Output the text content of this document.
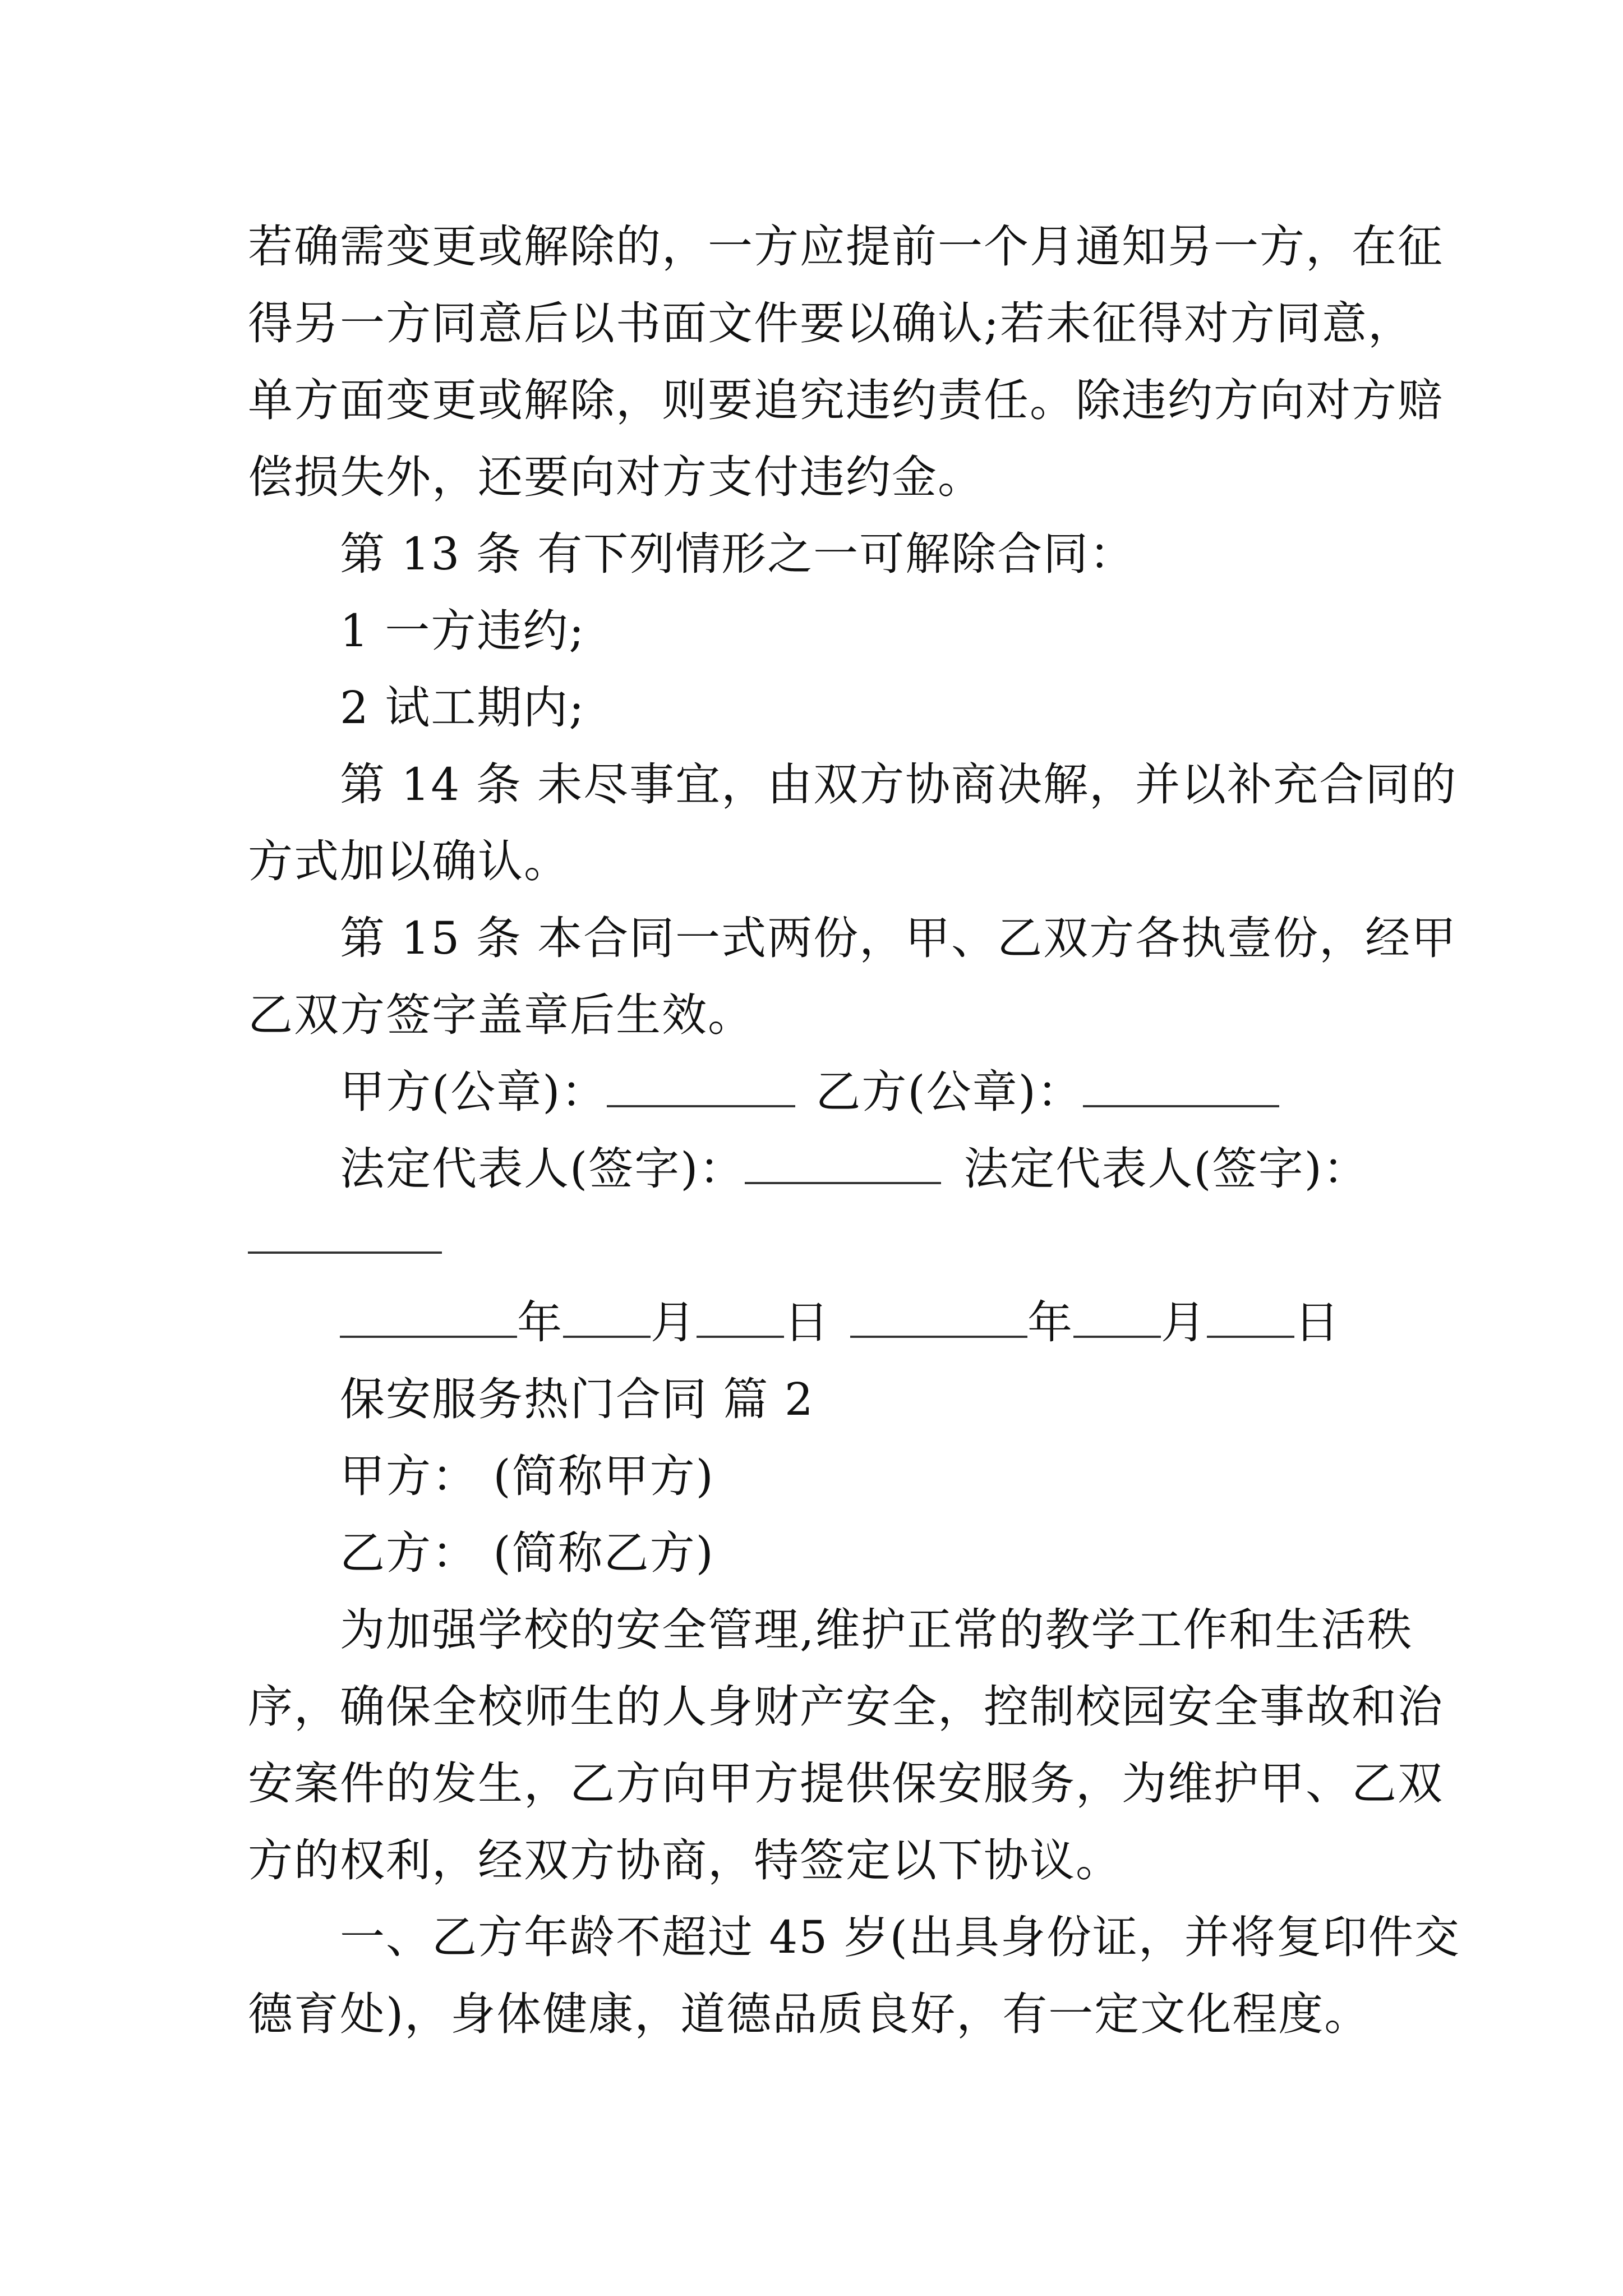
若确需变更或解除的，一方应提前一个月通知另一方，在征
得另一方同意后以书面文件要以确认;若未征得对方同意，
单方面变更或解除，则要追究违约责任。除违约方向对方赔
偿损失外，还要向对方支付违约金。
第 13 条 有下列情形之一可解除合同：
1 一方违约;
2 试工期内;
第 14 条 未尽事宜，由双方协商决解，并以补充合同的
方式加以确认。
第 15 条 本合同一式两份，甲、乙双方各执壹份，经甲
乙双方签字盖章后生效。
甲方(公章)：	乙方(公章)：
法定代表人(签字)：	法定代表人(签字)：
年 月 日	年 月 日
保安服务热门合同 篇 2
甲方： (简称甲方)
乙方： (简称乙方)
为加强学校的安全管理,维护正常的教学工作和生活秩
序，确保全校师生的人身财产安全，控制校园安全事故和治
安案件的发生，乙方向甲方提供保安服务，为维护甲、乙双
方的权利，经双方协商，特签定以下协议。
一、乙方年龄不超过 45 岁(出具身份证，并将复印件交
德育处)，身体健康，道德品质良好，有一定文化程度。
